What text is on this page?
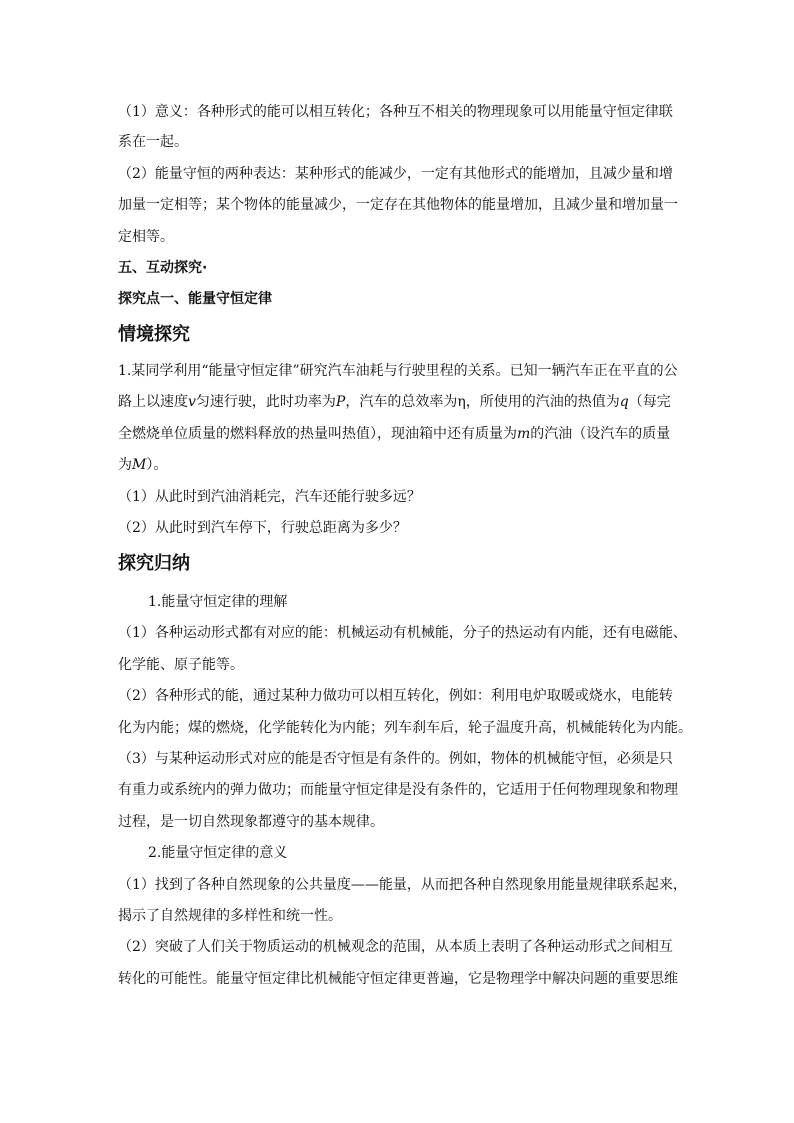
（1）意义：各种形式的能可以相互转化；各种互不相关的物理现象可以用能量守恒定律联
系在一起。
（2）能量守恒的两种表达：某种形式的能减少，一定有其他形式的能增加，且减少量和增
加量一定相等；某个物体的能量减少，一定存在其他物体的能量增加，且减少量和增加量一
定相等。
五、互动探究·
探究点一、能量守恒定律
情境探究
1.某同学利用“能量守恒定律”研究汽车油耗与行驶里程的关系。已知一辆汽车正在平直的公
路上以速度v匀速行驶，此时功率为P，汽车的总效率为η，所使用的汽油的热值为q（每完
全燃烧单位质量的燃料释放的热量叫热值），现油箱中还有质量为m的汽油（设汽车的质量
为M）。
（1）从此时到汽油消耗完，汽车还能行驶多远？
（2）从此时到汽车停下，行驶总距离为多少？
探究归纳
1.能量守恒定律的理解
（1）各种运动形式都有对应的能：机械运动有机械能，分子的热运动有内能，还有电磁能、
化学能、原子能等。
（2）各种形式的能，通过某种力做功可以相互转化，例如：利用电炉取暖或烧水，电能转
化为内能；煤的燃烧，化学能转化为内能；列车刹车后，轮子温度升高，机械能转化为内能。
（3）与某种运动形式对应的能是否守恒是有条件的。例如，物体的机械能守恒，必须是只
有重力或系统内的弹力做功；而能量守恒定律是没有条件的，它适用于任何物理现象和物理
过程，是一切自然现象都遵守的基本规律。
2.能量守恒定律的意义
（1）找到了各种自然现象的公共量度——能量，从而把各种自然现象用能量规律联系起来，
揭示了自然规律的多样性和统一性。
（2）突破了人们关于物质运动的机械观念的范围，从本质上表明了各种运动形式之间相互
转化的可能性。能量守恒定律比机械能守恒定律更普遍，它是物理学中解决问题的重要思维
